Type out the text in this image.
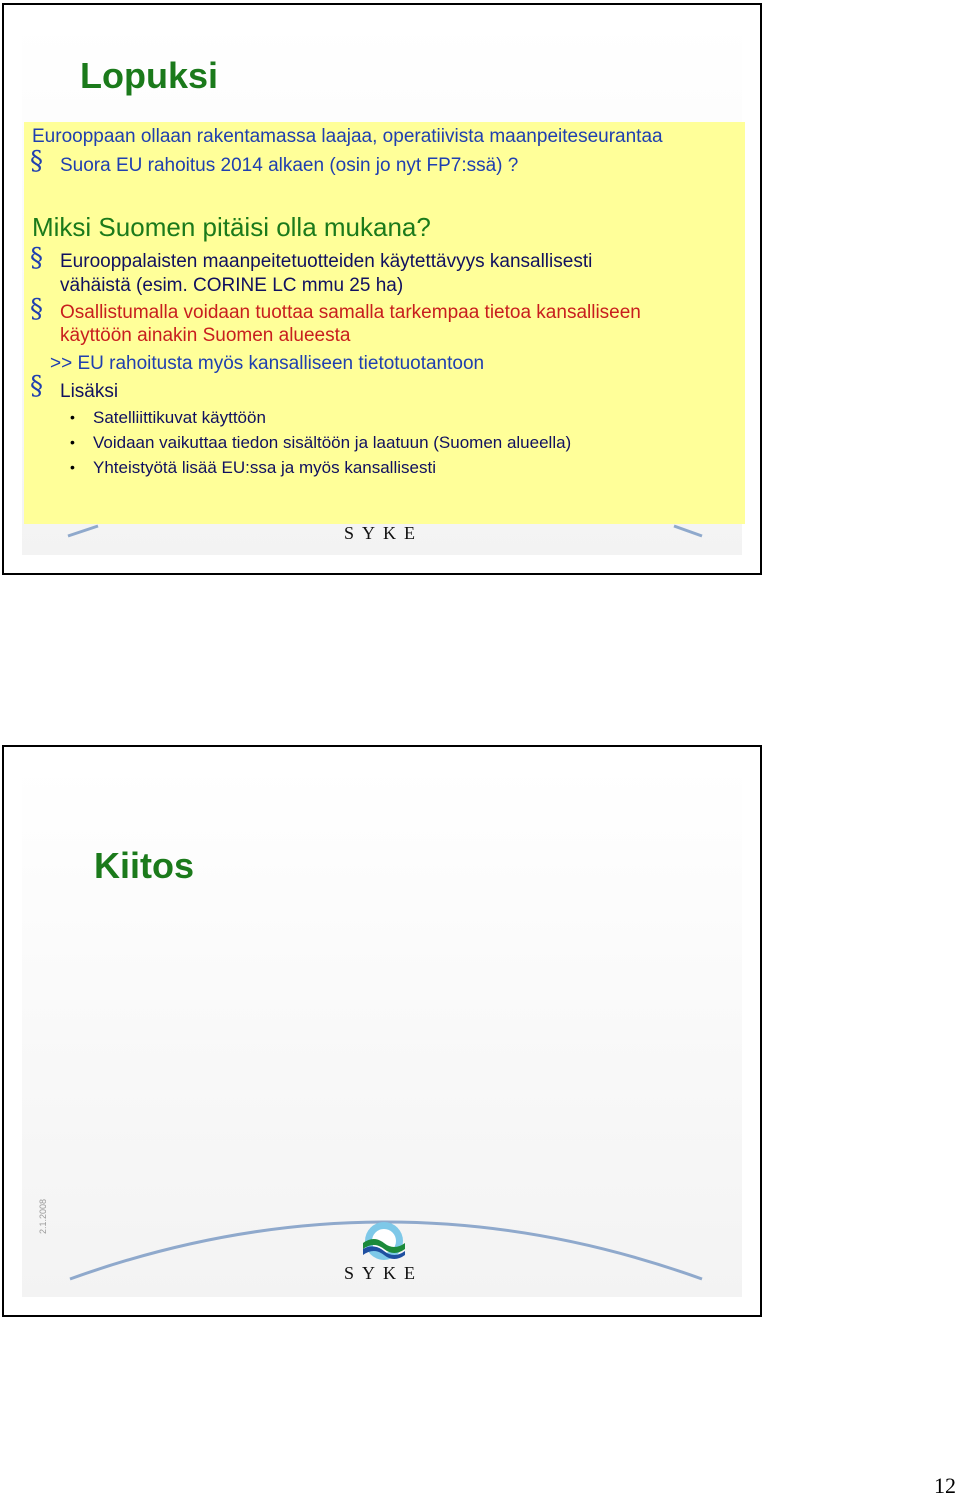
Lopuksi
Eurooppaan ollaan rakentamassa laajaa, operatiivista maanpeiteseurantaa
§ Suora EU rahoitus 2014 alkaen (osin jo nyt FP7:ssä) ?
Miksi Suomen pitäisi olla mukana?
§ Eurooppalaisten maanpeitetuotteiden käytettävyys kansallisesti
vähäistä (esim. CORINE LC mmu 25 ha)
§ Osallistumalla voidaan tuottaa samalla tarkempaa tietoa kansalliseen
käyttöön ainakin Suomen alueesta
>> EU rahoitusta myös kansalliseen tietotuotantoon
§ Lisäksi
• Satelliittikuvat käyttöön
• Voidaan vaikuttaa tiedon sisältöön ja laatuun (Suomen alueella)
• Yhteistyötä lisää EU:ssa ja myös kansallisesti
SYKE
Kiitos
2.1.2008
SYKE
12
